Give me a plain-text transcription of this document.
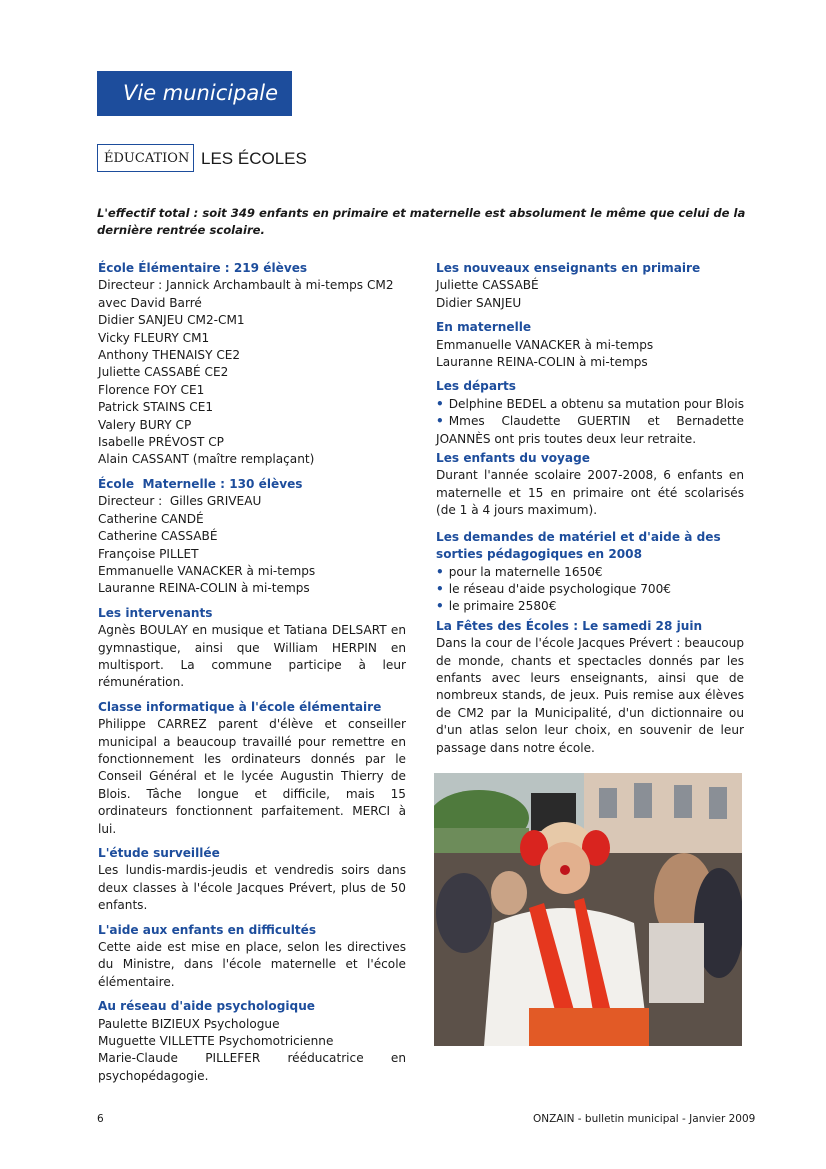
Vie municipale
ÉDUCATION LES ÉCOLES
L'effectif total : soit 349 enfants en primaire et maternelle est absolument le même que celui de la dernière rentrée scolaire.
École Élémentaire : 219 élèves
Directeur : Jannick Archambault à mi-temps CM2
avec David Barré
Didier SANJEU CM2-CM1
Vicky FLEURY CM1
Anthony THENAISY CE2
Juliette CASSABÉ CE2
Florence FOY CE1
Patrick STAINS CE1
Valery BURY CP
Isabelle PRÉVOST CP
Alain CASSANT (maître remplaçant)
École  Maternelle : 130 élèves
Directeur :  Gilles GRIVEAU
Catherine CANDÉ
Catherine CASSABÉ
Françoise PILLET
Emmanuelle VANACKER à mi-temps
Lauranne REINA-COLIN à mi-temps
Les intervenants
Agnès BOULAY en musique et Tatiana DELSART en gymnastique, ainsi que William HERPIN en multisport. La commune participe à leur rémunération.
Classe informatique à l'école élémentaire
Philippe CARREZ parent d'élève et conseiller municipal a beaucoup travaillé pour remettre en fonctionnement les ordinateurs donnés par le Conseil Général et le lycée Augustin Thierry de Blois. Tâche longue et difficile, mais 15 ordinateurs fonctionnent parfaitement. MERCI à lui.
L'étude surveillée
Les lundis-mardis-jeudis et vendredis soirs dans deux classes à l'école Jacques Prévert, plus de 50 enfants.
L'aide aux enfants en difficultés
Cette aide est mise en place, selon les directives du Ministre, dans l'école maternelle et l'école élémentaire.
Au réseau d'aide psychologique
Paulette BIZIEUX Psychologue
Muguette VILLETTE Psychomotricienne
Marie-Claude PILLEFER rééducatrice en psychopédagogie.
Les nouveaux enseignants en primaire
Juliette CASSABÉ
Didier SANJEU
En maternelle
Emmanuelle VANACKER à mi-temps
Lauranne REINA-COLIN à mi-temps
Les départs
• Delphine BEDEL a obtenu sa mutation pour Blois
• Mmes Claudette GUERTIN et Bernadette JOANNÈS ont pris toutes deux leur retraite.
Les enfants du voyage
Durant l'année scolaire 2007-2008, 6 enfants en maternelle et 15 en primaire ont été scolarisés (de 1 à 4 jours maximum).
Les demandes de matériel et d'aide à des sorties pédagogiques en 2008
• pour la maternelle 1650€
• le réseau d'aide psychologique 700€
• le primaire 2580€
La Fêtes des Écoles : Le samedi 28 juin
Dans la cour de l'école Jacques Prévert : beaucoup de monde, chants et spectacles donnés par les enfants avec leurs enseignants, ainsi que de nombreux stands, de jeux. Puis remise aux élèves de CM2 par la Municipalité, d'un dictionnaire ou d'un atlas selon leur choix, en souvenir de leur passage dans notre école.
6	ONZAIN - bulletin municipal - Janvier 2009
